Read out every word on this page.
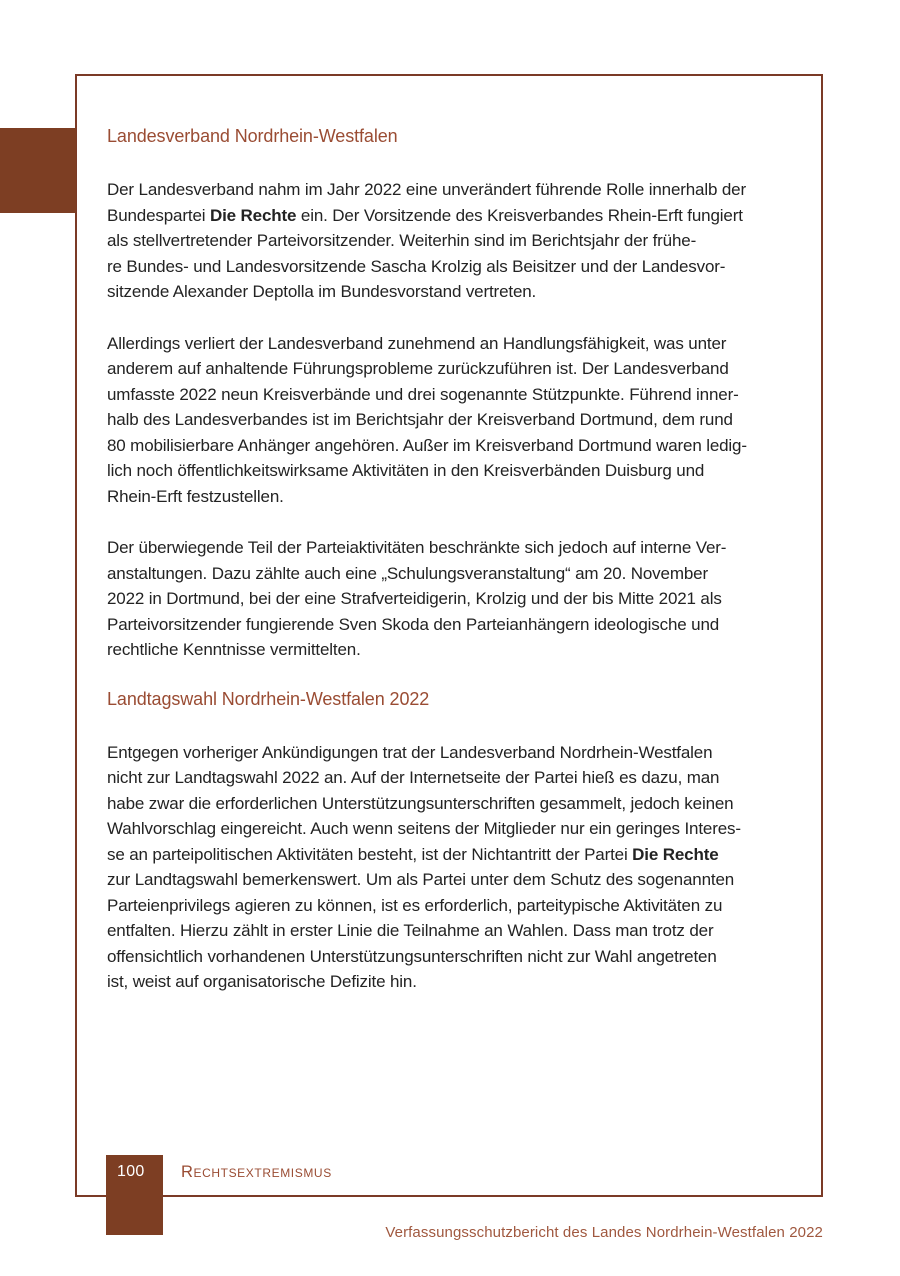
Landesverband Nordrhein-Westfalen
Der Landesverband nahm im Jahr 2022 eine unverändert führende Rolle innerhalb der
Bundespartei Die Rechte ein. Der Vorsitzende des Kreisverbandes Rhein-Erft fungiert
als stellvertretender Parteivorsitzender. Weiterhin sind im Berichtsjahr der frühe-
re Bundes- und Landesvorsitzende Sascha Krolzig als Beisitzer und der Landesvor-
sitzende Alexander Deptolla im Bundesvorstand vertreten.
Allerdings verliert der Landesverband zunehmend an Handlungsfähigkeit, was unter
anderem auf anhaltende Führungsprobleme zurückzuführen ist. Der Landesverband
umfasste 2022 neun Kreisverbände und drei sogenannte Stützpunkte. Führend inner-
halb des Landesverbandes ist im Berichtsjahr der Kreisverband Dortmund, dem rund
80 mobilisierbare Anhänger angehören. Außer im Kreisverband Dortmund waren ledig-
lich noch öffentlichkeitswirksame Aktivitäten in den Kreisverbänden Duisburg und
Rhein-Erft festzustellen.
Der überwiegende Teil der Parteiaktivitäten beschränkte sich jedoch auf interne Ver-
anstaltungen. Dazu zählte auch eine „Schulungsveranstaltung“ am 20. November
2022 in Dortmund, bei der eine Strafverteidigerin, Krolzig und der bis Mitte 2021 als
Parteivorsitzender fungierende Sven Skoda den Parteianhängern ideologische und
rechtliche Kenntnisse vermittelten.
Landtagswahl Nordrhein-Westfalen 2022
Entgegen vorheriger Ankündigungen trat der Landesverband Nordrhein-Westfalen
nicht zur Landtagswahl 2022 an. Auf der Internetseite der Partei hieß es dazu, man
habe zwar die erforderlichen Unterstützungsunterschriften gesammelt, jedoch keinen
Wahlvorschlag eingereicht. Auch wenn seitens der Mitglieder nur ein geringes Interes-
se an parteipolitischen Aktivitäten besteht, ist der Nichtantritt der Partei Die Rechte
zur Landtagswahl bemerkenswert. Um als Partei unter dem Schutz des sogenannten
Parteienprivilegs agieren zu können, ist es erforderlich, parteitypische Aktivitäten zu
entfalten. Hierzu zählt in erster Linie die Teilnahme an Wahlen. Dass man trotz der
offensichtlich vorhandenen Unterstützungsunterschriften nicht zur Wahl angetreten
ist, weist auf organisatorische Defizite hin.
100	Rechtsextremismus
Verfassungsschutzbericht des Landes Nordrhein-Westfalen 2022
